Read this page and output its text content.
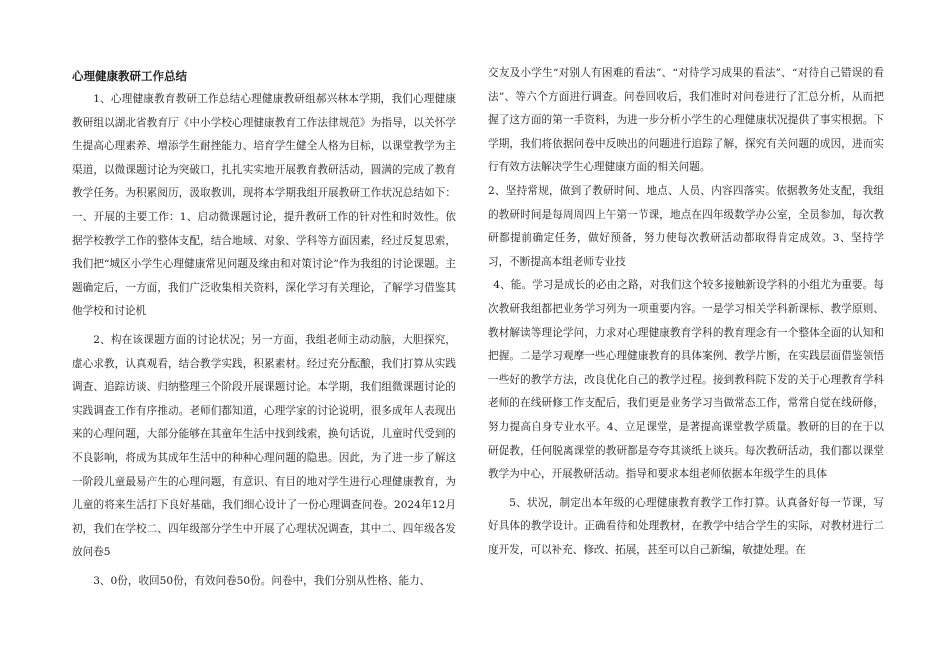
心理健康教研工作总结

1、心理健康教育教研工作总结心理健康教研组郝兴林本学期，我们心理健康教研组以湖北省教育厅《中小学校心理健康教育工作法律规范》为指导，以关怀学生提高心理素养、增添学生耐挫能力、培育学生健全人格为目标，以课堂教学为主渠道，以微课题讨论为突破口，扎扎实实地开展教育教研活动，圆满的完成了教育教学任务。为积累阅历，汲取教训，现将本学期我组开展教研工作状况总结如下：一、开展的主要工作：1、启动微课题讨论，提升教研工作的针对性和时效性。依据学校教学工作的整体支配，结合地域、对象、学科等方面因素，经过反复思索，我们把“城区小学生心理健康常见问题及缘由和对策讨论”作为我组的讨论课题。主题确定后，一方面，我们广泛收集相关资料，深化学习有关理论，了解学习借鉴其他学校和讨论机

2、构在该课题方面的讨论状况；另一方面，我组老师主动动脑，大胆探究，虚心求教，认真观看，结合教学实践，积累素材。经过充分酝酿，我们打算从实践调查、追踪访谈、归纳整理三个阶段开展课题讨论。本学期，我们组微课题讨论的实践调查工作有序推动。老师们都知道，心理学家的讨论说明，很多成年人表现出来的心理问题，大部分能够在其童年生活中找到线索，换句话说，儿童时代受到的不良影响，将成为其成年生活中的种种心理问题的隐患。因此，为了进一步了解这一阶段儿童最易产生的心理问题，有意识、有目的地对学生进行心理健康教育，为儿童的将来生活打下良好基础，我们细心设计了一份心理调查问卷。2024年12月初，我们在学校二、四年级部分学生中开展了心理状况调查，其中二、四年级各发放问卷5

3、0份，收回50份，有效问卷50份。问卷中，我们分别从性格、能力、

交友及小学生“对别人有困难的看法”、“对待学习成果的看法”、“对待自己错误的看法”、等六个方面进行调查。问卷回收后，我们准时对问卷进行了汇总分析，从而把握了这方面的第一手资料，为进一步分析小学生的心理健康状况提供了事实根据。下学期，我们将依据问卷中反映出的问题进行追踪了解，探究有关问题的成因，进而实行有效方法解决学生心理健康方面的相关问题。

2、坚持常规，做到了教研时间、地点、人员、内容四落实。依据教务处支配，我组的教研时间是每周周四上午第一节课，地点在四年级数学办公室，全员参加，每次教研都提前确定任务，做好预备，努力使每次教研活动都取得肯定成效。3、坚持学习，不断提高本组老师专业技

4、能。学习是成长的必由之路，对我们这个较多接触新设学科的小组尤为重要。每次教研我组都把业务学习列为一项重要内容。一是学习相关学科新课标、教学原则、教材解读等理论学问，力求对心理健康教育学科的教育理念有一个整体全面的认知和把握。二是学习观摩一些心理健康教育的具体案例、教学片断，在实践层面借鉴领悟一些好的教学方法，改良优化自己的教学过程。接到教科院下发的关于心理教育学科老师的在线研修工作支配后，我们更是业务学习当做常态工作，常常自觉在线研修，努力提高自身专业水平。4、立足课堂，是著提高课堂教学质量。教研的目的在于以研促教，任何脱离课堂的教研都是夸夸其谈纸上谈兵。每次教研活动，我们都以课堂教学为中心，开展教研活动。指导和要求本组老师依据本年级学生的具体

5、状况，制定出本年级的心理健康教育教学工作打算。认真备好每一节课，写好具体的教学设计。正确看待和处理教材，在教学中结合学生的实际，对教材进行二度开发，可以补充、修改、拓展，甚至可以自己新编，敏捷处理。在
